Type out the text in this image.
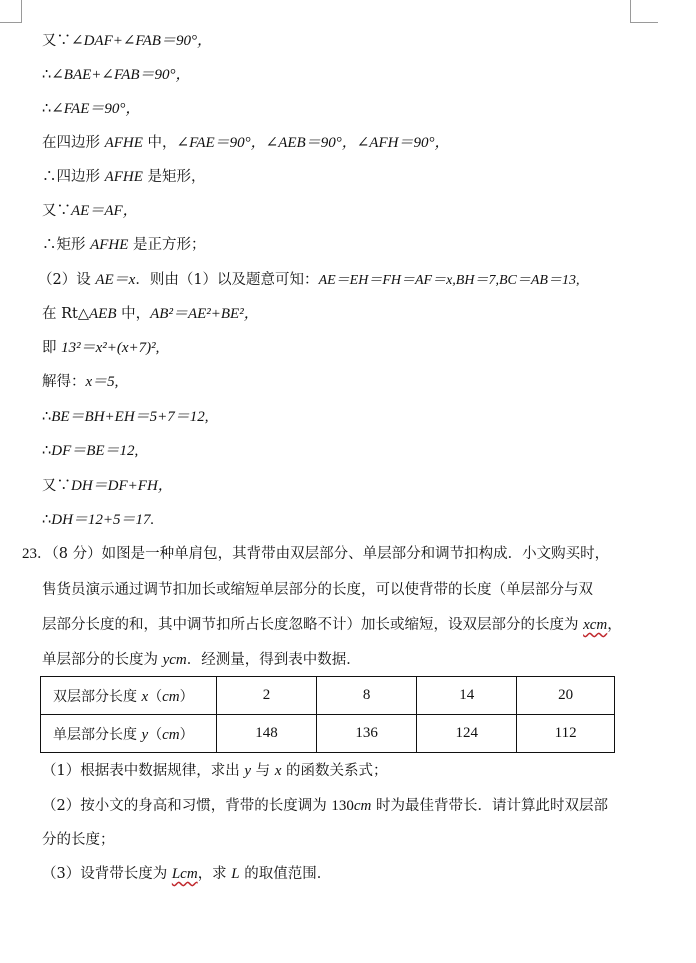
又∵∠DAF+∠FAB＝90°，
∴∠BAE+∠FAB＝90°，
∴∠FAE＝90°，
在四边形 AFHE 中，∠FAE＝90°，∠AEB＝90°，∠AFH＝90°，
∴四边形 AFHE 是矩形，
又∵AE＝AF，
∴矩形 AFHE 是正方形；
（2）设 AE＝x．则由（1）以及题意可知：AE＝EH＝FH＝AF＝x,BH＝7,BC＝AB＝13,
在 Rt△AEB 中，AB²＝AE²+BE²，
即 13²＝x²+(x+7)²,
解得：x＝5,
∴BE＝BH+EH＝5+7＝12,
∴DF＝BE＝12,
又∵DH＝DF+FH，
∴DH＝12+5＝17.
23．（8 分）如图是一种单肩包，其背带由双层部分、单层部分和调节扣构成．小文购买时，
售货员演示通过调节扣加长或缩短单层部分的长度，可以使背带的长度（单层部分与双
层部分长度的和，其中调节扣所占长度忽略不计）加长或缩短，设双层部分的长度为 xcm，
单层部分的长度为 ycm．经测量，得到表中数据．
双层部分长度 x（cm）	2	8	14	20
单层部分长度 y（cm）	148	136	124	112
（1）根据表中数据规律，求出 y 与 x 的函数关系式；
（2）按小文的身高和习惯，背带的长度调为 130cm 时为最佳背带长．请计算此时双层部
分的长度；
（3）设背带长度为 Lcm，求 L 的取值范围．
